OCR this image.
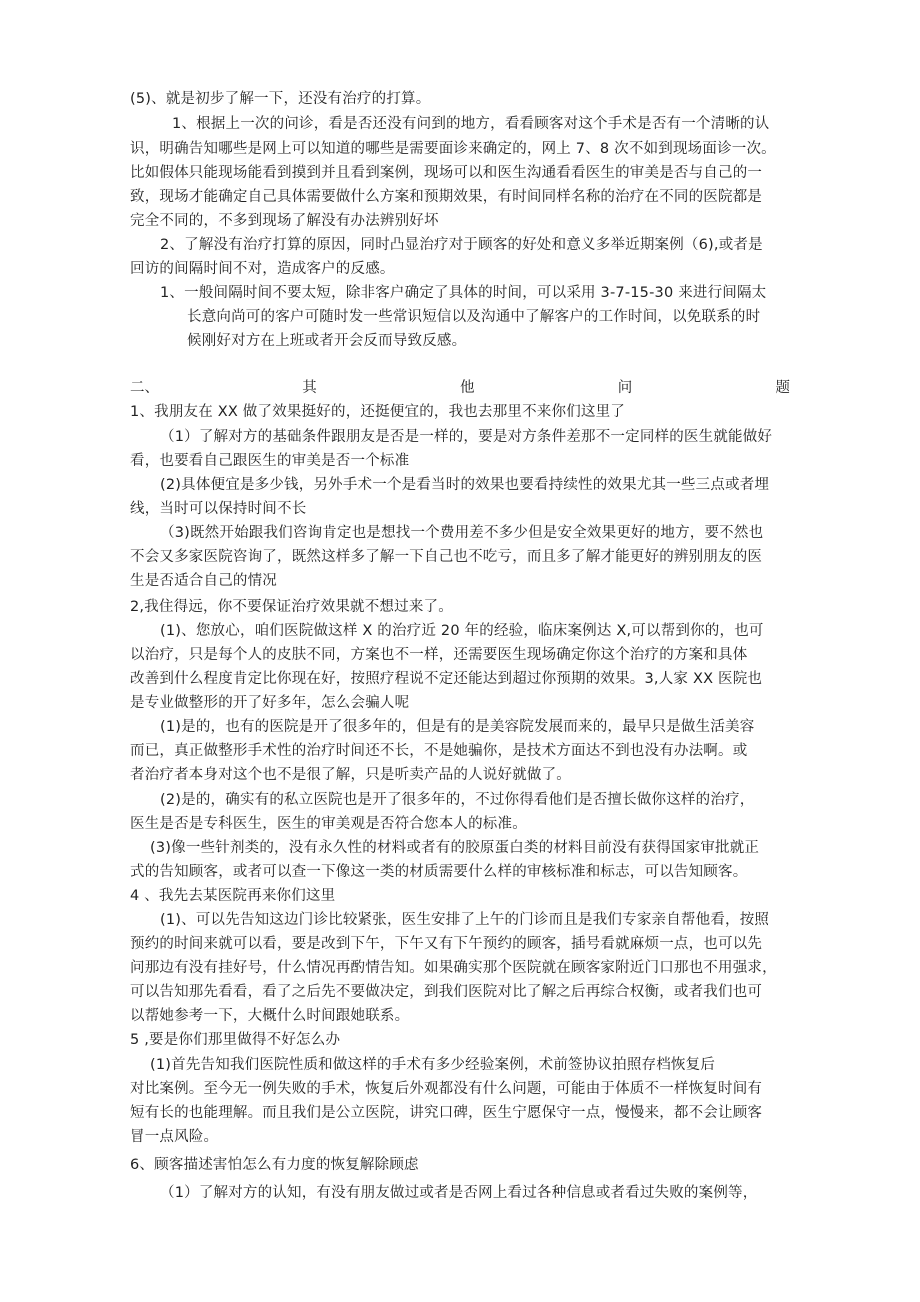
(5)、就是初步了解一下，还没有治疗的打算。
1、根据上一次的问诊，看是否还没有问到的地方，看看顾客对这个手术是否有一个清晰的认
识，明确告知哪些是网上可以知道的哪些是需要面诊来确定的，网上 7、8 次不如到现场面诊一次。
比如假体只能现场能看到摸到并且看到案例，现场可以和医生沟通看看医生的审美是否与自己的一
致，现场才能确定自己具体需要做什么方案和预期效果，有时间同样名称的治疗在不同的医院都是
完全不同的，不多到现场了解没有办法辨别好坏
2、了解没有治疗打算的原因，同时凸显治疗对于顾客的好处和意义多举近期案例（6),或者是
回访的间隔时间不对，造成客户的反感。
1、一般间隔时间不要太短，除非客户确定了具体的时间，可以采用 3-7-15-30 来进行间隔太
长意向尚可的客户可随时发一些常识短信以及沟通中了解客户的工作时间，以免联系的时
候刚好对方在上班或者开会反而导致反感。
二、	其	他	问	题
1、我朋友在 XX 做了效果挺好的，还挺便宜的，我也去那里不来你们这里了
（1）了解对方的基础条件跟朋友是否是一样的，要是对方条件差那不一定同样的医生就能做好
看，也要看自己跟医生的审美是否一个标准
(2)具体便宜是多少钱，另外手术一个是看当时的效果也要看持续性的效果尤其一些三点或者埋
线，当时可以保持时间不长
（3)既然开始跟我们咨询肯定也是想找一个费用差不多少但是安全效果更好的地方，要不然也
不会又多家医院咨询了，既然这样多了解一下自己也不吃亏，而且多了解才能更好的辨别朋友的医
生是否适合自己的情况
2,我住得远，你不要保证治疗效果就不想过来了。
(1)、您放心，咱们医院做这样 X 的治疗近 20 年的经验，临床案例达 X,可以帮到你的，也可
以治疗，只是每个人的皮肤不同，方案也不一样，还需要医生现场确定你这个治疗的方案和具体
改善到什么程度肯定比你现在好，按照疗程说不定还能达到超过你预期的效果。3,人家 XX 医院也
是专业做整形的开了好多年，怎么会骗人呢
(1)是的，也有的医院是开了很多年的，但是有的是美容院发展而来的，最早只是做生活美容
而已，真正做整形手术性的治疗时间还不长，不是她骗你，是技术方面达不到也没有办法啊。或
者治疗者本身对这个也不是很了解，只是听卖产品的人说好就做了。
(2)是的，确实有的私立医院也是开了很多年的，不过你得看他们是否擅长做你这样的治疗，
医生是否是专科医生，医生的审美观是否符合您本人的标准。
(3)像一些针剂类的，没有永久性的材料或者有的胶原蛋白类的材料目前没有获得国家审批就正
式的告知顾客，或者可以查一下像这一类的材质需要什么样的审核标准和标志，可以告知顾客。
4 、我先去某医院再来你们这里
(1)、可以先告知这边门诊比较紧张，医生安排了上午的门诊而且是我们专家亲自帮他看，按照
预约的时间来就可以看，要是改到下午，下午又有下午预约的顾客，插号看就麻烦一点，也可以先
问那边有没有挂好号，什么情况再酌情告知。如果确实那个医院就在顾客家附近门口那也不用强求，
可以告知那先看看，看了之后先不要做决定，到我们医院对比了解之后再综合权衡，或者我们也可
以帮她参考一下，大概什么时间跟她联系。
5 ,要是你们那里做得不好怎么办
(1)首先告知我们医院性质和做这样的手术有多少经验案例，术前签协议拍照存档恢复后
对比案例。至今无一例失败的手术，恢复后外观都没有什么问题，可能由于体质不一样恢复时间有
短有长的也能理解。而且我们是公立医院，讲究口碑，医生宁愿保守一点，慢慢来，都不会让顾客
冒一点风险。
6、顾客描述害怕怎么有力度的恢复解除顾虑
（1）了解对方的认知，有没有朋友做过或者是否网上看过各种信息或者看过失败的案例等，
